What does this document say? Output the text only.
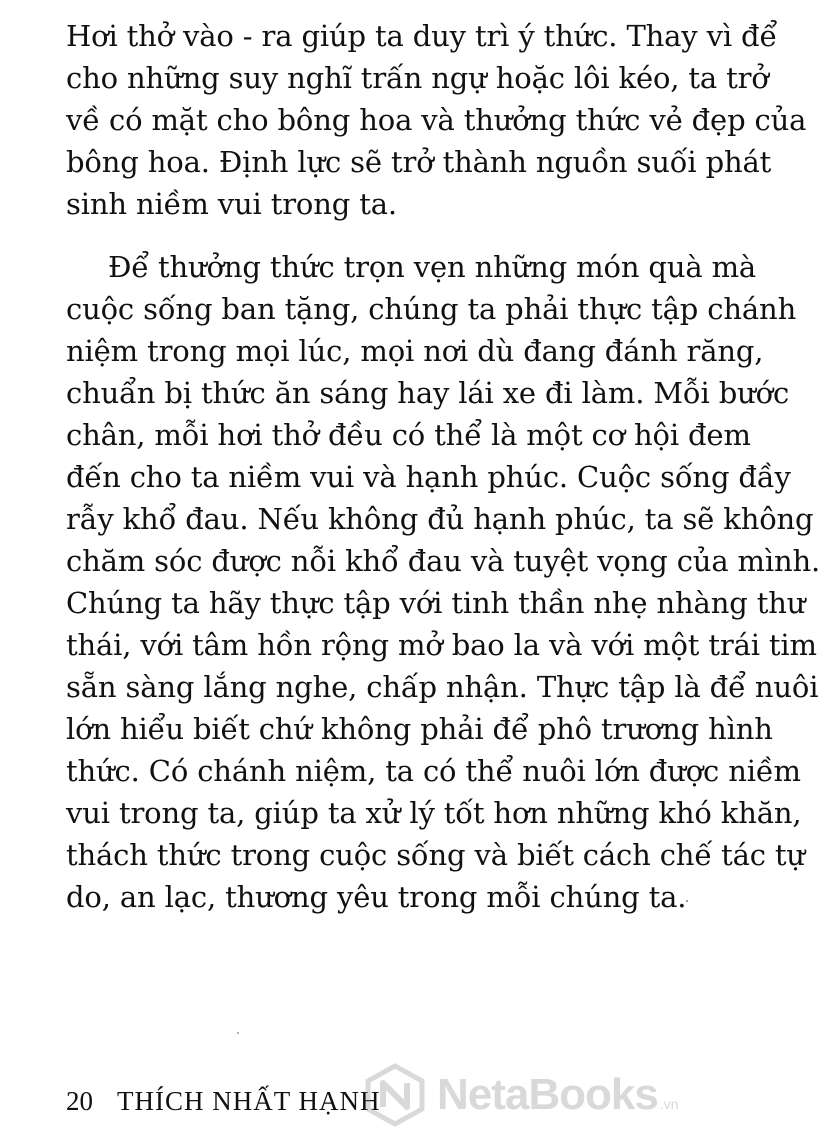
Hơi thở vào - ra giúp ta duy trì ý thức. Thay vì để
cho những suy nghĩ trấn ngự hoặc lôi kéo, ta trở
về có mặt cho bông hoa và thưởng thức vẻ đẹp của
bông hoa. Định lực sẽ trở thành nguồn suối phát
sinh niềm vui trong ta.
Để thưởng thức trọn vẹn những món quà mà
cuộc sống ban tặng, chúng ta phải thực tập chánh
niệm trong mọi lúc, mọi nơi dù đang đánh răng,
chuẩn bị thức ăn sáng hay lái xe đi làm. Mỗi bước
chân, mỗi hơi thở đều có thể là một cơ hội đem
đến cho ta niềm vui và hạnh phúc. Cuộc sống đầy
rẫy khổ đau. Nếu không đủ hạnh phúc, ta sẽ không
chăm sóc được nỗi khổ đau và tuyệt vọng của mình.
Chúng ta hãy thực tập với tinh thần nhẹ nhàng thư
thái, với tâm hồn rộng mở bao la và với một trái tim
sẵn sàng lắng nghe, chấp nhận. Thực tập là để nuôi
lớn hiểu biết chứ không phải để phô trương hình
thức. Có chánh niệm, ta có thể nuôi lớn được niềm
vui trong ta, giúp ta xử lý tốt hơn những khó khăn,
thách thức trong cuộc sống và biết cách chế tác tự
do, an lạc, thương yêu trong mỗi chúng ta.
20 THÍCH NHẤT HẠNH NetaBooks .vn
